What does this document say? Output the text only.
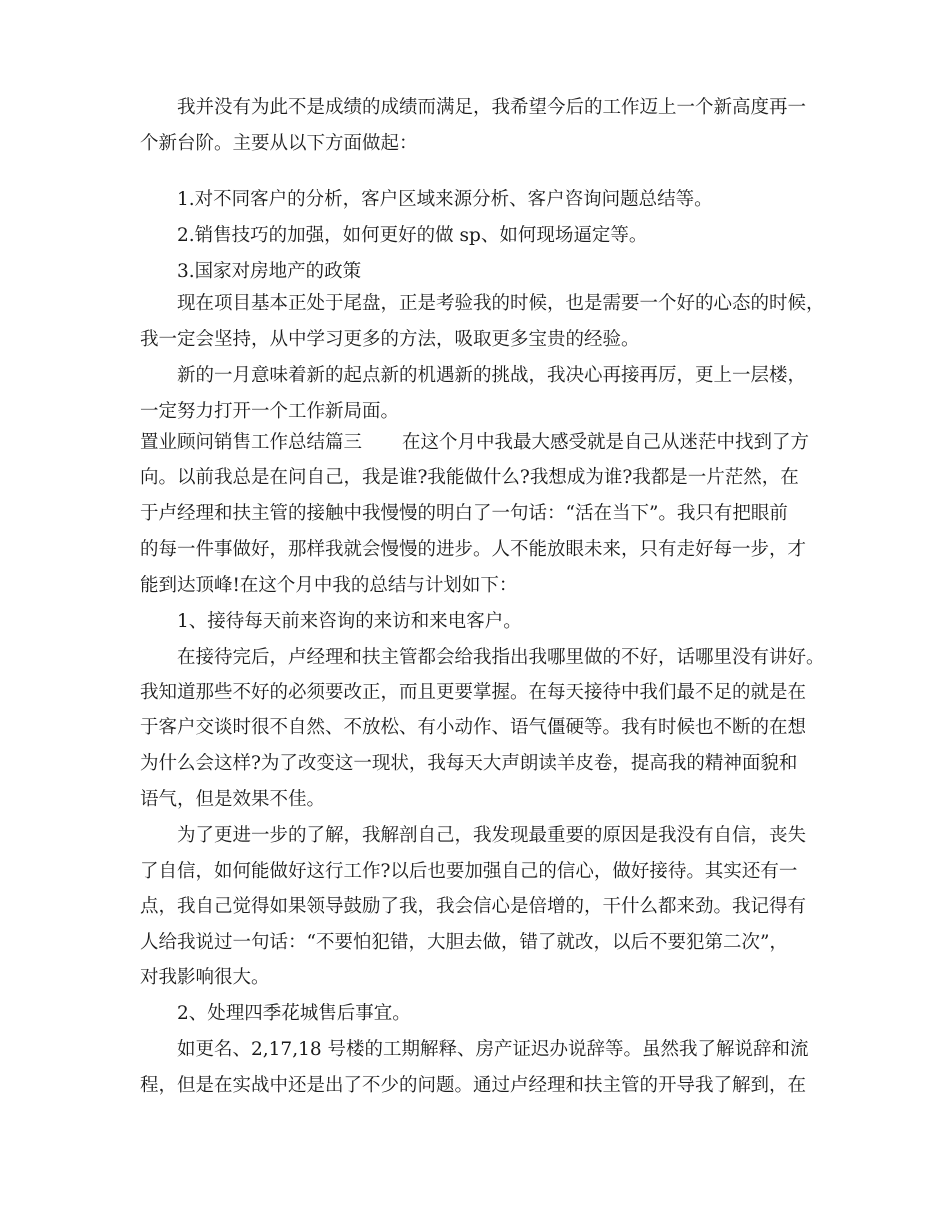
我并没有为此不是成绩的成绩而满足，我希望今后的工作迈上一个新高度再一
个新台阶。主要从以下方面做起：
1.对不同客户的分析，客户区域来源分析、客户咨询问题总结等。
2.销售技巧的加强，如何更好的做 sp、如何现场逼定等。
3.国家对房地产的政策
现在项目基本正处于尾盘，正是考验我的时候，也是需要一个好的心态的时候，
我一定会坚持，从中学习更多的方法，吸取更多宝贵的经验。
新的一月意味着新的起点新的机遇新的挑战，我决心再接再厉，更上一层楼，
一定努力打开一个工作新局面。
置业顾问销售工作总结篇三 在这个月中我最大感受就是自己从迷茫中找到了方
向。以前我总是在问自己，我是谁?我能做什么?我想成为谁?我都是一片茫然，在
于卢经理和扶主管的接触中我慢慢的明白了一句话：“活在当下”。我只有把眼前
的每一件事做好，那样我就会慢慢的进步。人不能放眼未来，只有走好每一步，才
能到达顶峰!在这个月中我的总结与计划如下：
1、接待每天前来咨询的来访和来电客户。
在接待完后，卢经理和扶主管都会给我指出我哪里做的不好，话哪里没有讲好。
我知道那些不好的必须要改正，而且更要掌握。在每天接待中我们最不足的就是在
于客户交谈时很不自然、不放松、有小动作、语气僵硬等。我有时候也不断的在想
为什么会这样?为了改变这一现状，我每天大声朗读羊皮卷，提高我的精神面貌和
语气，但是效果不佳。
为了更进一步的了解，我解剖自己，我发现最重要的原因是我没有自信，丧失
了自信，如何能做好这行工作?以后也要加强自己的信心，做好接待。其实还有一
点，我自己觉得如果领导鼓励了我，我会信心是倍增的，干什么都来劲。我记得有
人给我说过一句话：“不要怕犯错，大胆去做，错了就改，以后不要犯第二次”，
对我影响很大。
2、处理四季花城售后事宜。
如更名、2,17,18 号楼的工期解释、房产证迟办说辞等。虽然我了解说辞和流
程，但是在实战中还是出了不少的问题。通过卢经理和扶主管的开导我了解到，在
